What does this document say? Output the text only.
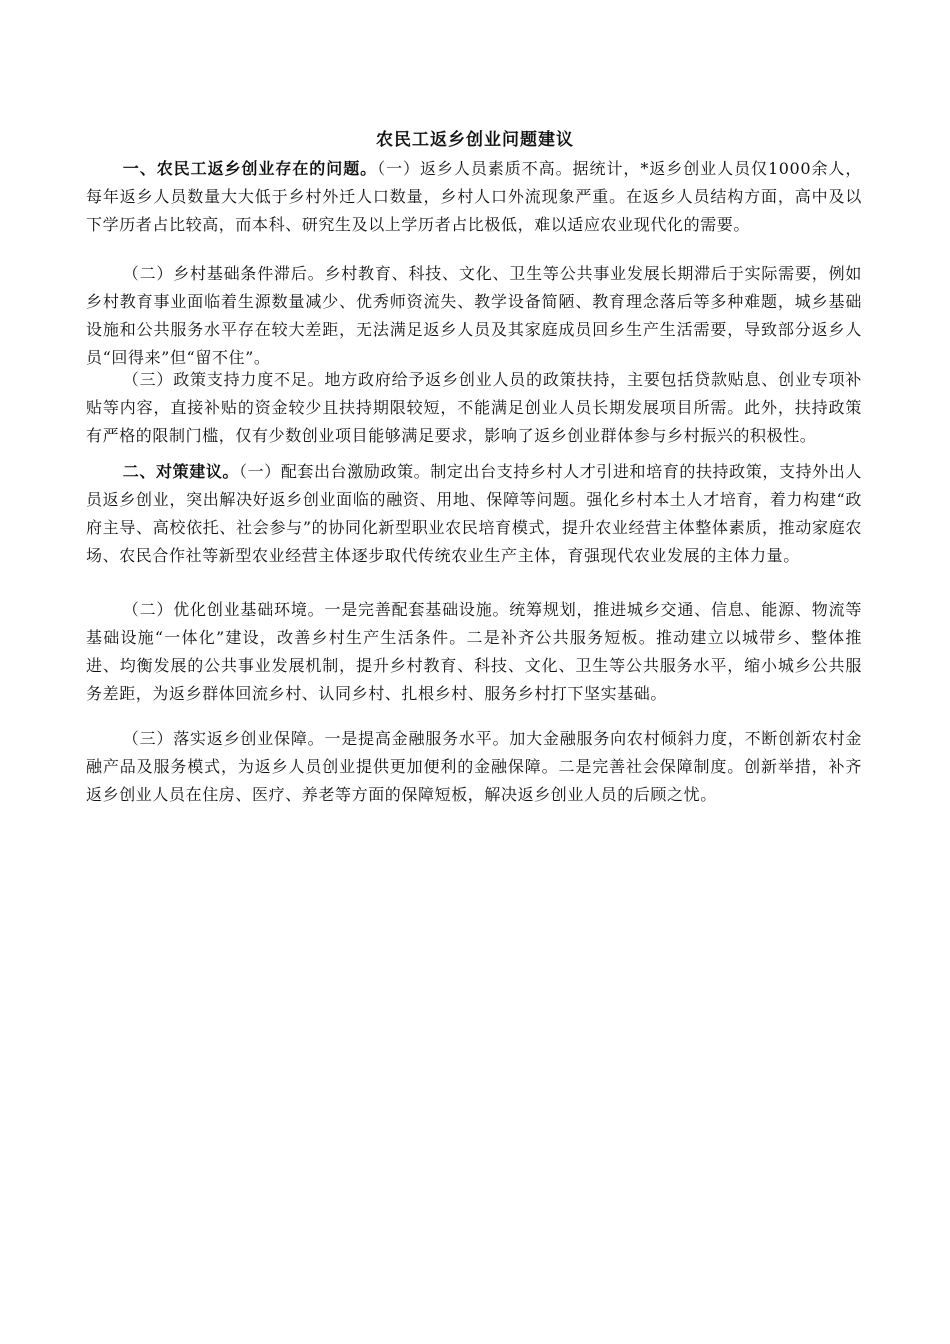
农民工返乡创业问题建议

一、农民工返乡创业存在的问题。（一）返乡人员素质不高。据统计，*返乡创业人员仅1000余人，每年返乡人员数量大大低于乡村外迁人口数量，乡村人口外流现象严重。在返乡人员结构方面，高中及以下学历者占比较高，而本科、研究生及以上学历者占比极低，难以适应农业现代化的需要。

（二）乡村基础条件滞后。乡村教育、科技、文化、卫生等公共事业发展长期滞后于实际需要，例如乡村教育事业面临着生源数量减少、优秀师资流失、教学设备简陋、教育理念落后等多种难题，城乡基础设施和公共服务水平存在较大差距，无法满足返乡人员及其家庭成员回乡生产生活需要，导致部分返乡人员“回得来”但“留不住”。

（三）政策支持力度不足。地方政府给予返乡创业人员的政策扶持，主要包括贷款贴息、创业专项补贴等内容，直接补贴的资金较少且扶持期限较短，不能满足创业人员长期发展项目所需。此外，扶持政策有严格的限制门槛，仅有少数创业项目能够满足要求，影响了返乡创业群体参与乡村振兴的积极性。

二、对策建议。（一）配套出台激励政策。制定出台支持乡村人才引进和培育的扶持政策，支持外出人员返乡创业，突出解决好返乡创业面临的融资、用地、保障等问题。强化乡村本土人才培育，着力构建“政府主导、高校依托、社会参与”的协同化新型职业农民培育模式，提升农业经营主体整体素质，推动家庭农场、农民合作社等新型农业经营主体逐步取代传统农业生产主体，育强现代农业发展的主体力量。

（二）优化创业基础环境。一是完善配套基础设施。统筹规划，推进城乡交通、信息、能源、物流等基础设施“一体化”建设，改善乡村生产生活条件。二是补齐公共服务短板。推动建立以城带乡、整体推进、均衡发展的公共事业发展机制，提升乡村教育、科技、文化、卫生等公共服务水平，缩小城乡公共服务差距，为返乡群体回流乡村、认同乡村、扎根乡村、服务乡村打下坚实基础。

（三）落实返乡创业保障。一是提高金融服务水平。加大金融服务向农村倾斜力度，不断创新农村金融产品及服务模式，为返乡人员创业提供更加便利的金融保障。二是完善社会保障制度。创新举措，补齐返乡创业人员在住房、医疗、养老等方面的保障短板，解决返乡创业人员的后顾之忧。
